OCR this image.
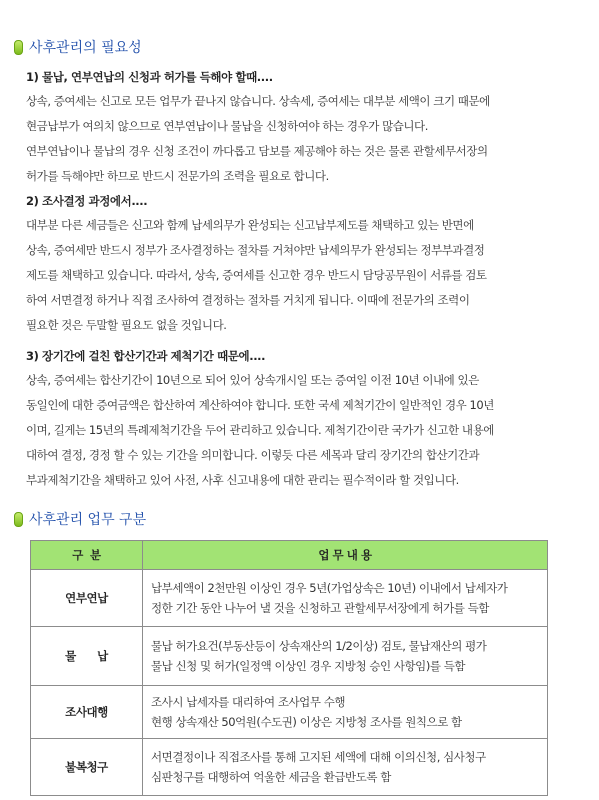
사후관리의 필요성
1) 물납, 연부연납의 신청과 허가를 득해야 할때....
상속, 증여세는 신고로 모든 업무가 끝나지 않습니다. 상속세, 증여세는 대부분 세액이 크기 때문에
현금납부가 여의치 않으므로 연부연납이나 물납을 신청하여야 하는 경우가 많습니다.
연부연납이나 물납의 경우 신청 조건이 까다롭고 담보를 제공해야 하는 것은 물론 관할세무서장의
허가를 득해야만 하므로 반드시 전문가의 조력을 필요로 합니다.
2) 조사결정 과정에서....
대부분 다른 세금들은 신고와 함께 납세의무가 완성되는 신고납부제도를 채택하고 있는 반면에
상속, 증여세만 반드시 정부가 조사결정하는 절차를 거쳐야만 납세의무가 완성되는 정부부과결정
제도를 채택하고 있습니다. 따라서, 상속, 증여세를 신고한 경우 반드시 담당공무원이 서류를 검토
하여 서면결정 하거나 직접 조사하여 결정하는 절차를 거치게 됩니다. 이때에 전문가의 조력이
필요한 것은 두말할 필요도 없을 것입니다.
3) 장기간에 걸친 합산기간과 제척기간 때문에....
상속, 증여세는 합산기간이 10년으로 되어 있어 상속개시일 또는 증여일 이전 10년 이내에 있은
동일인에 대한 증여금액은 합산하여 계산하여야 합니다. 또한 국세 제척기간이 일반적인 경우 10년
이며, 길게는 15년의 특례제척기간을 두어 관리하고 있습니다. 제척기간이란 국가가 신고한 내용에
대하여 결정, 경정 할 수 있는 기간을 의미합니다. 이렇듯 다른 세목과 달리 장기간의 합산기간과
부과제척기간을 채택하고 있어 사전, 사후 신고내용에 대한 관리는 필수적이라 할 것입니다.
사후관리 업무 구분
구  분	업 무 내 용
연부연납	납부세액이 2천만원 이상인 경우 5년(가업상속은 10년) 이내에서 납세자가
정한 기간 동안 나누어 낼 것을 신청하고 관할세무서장에게 허가를 득함

물      납	물납 허가요건(부동산등이 상속재산의 1/2이상) 검토, 물납재산의 평가
물납 신청 및 허가(일정액 이상인 경우 지방청 승인 사항임)를 득함

조사대행	조사시 납세자를 대리하여 조사업무 수행
현행 상속재산 50억원(수도권) 이상은 지방청 조사를 원칙으로 함

불복청구	서면결정이나 직접조사를 통해 고지된 세액에 대해 이의신청, 심사청구
심판청구를 대행하여 억울한 세금을 환급반도록 함
